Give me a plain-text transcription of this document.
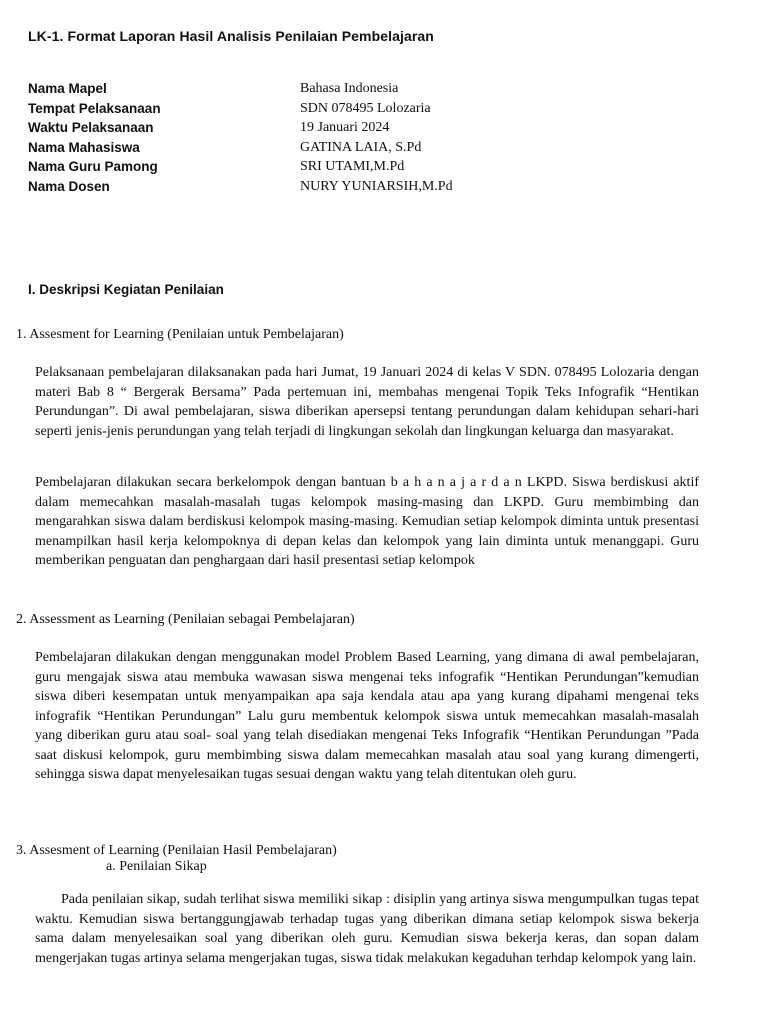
LK-1. Format Laporan Hasil Analisis Penilaian Pembelajaran
Nama Mapel	Bahasa Indonesia
Tempat Pelaksanaan	SDN 078495 Lolozaria
Waktu Pelaksanaan	19 Januari 2024
Nama Mahasiswa	GATINA LAIA, S.Pd
Nama Guru Pamong	SRI UTAMI,M.Pd
Nama Dosen	NURY YUNIARSIH,M.Pd
I. Deskripsi Kegiatan Penilaian
1. Assesment for Learning (Penilaian untuk Pembelajaran)

Pelaksanaan pembelajaran dilaksanakan pada hari Jumat, 19 Januari 2024 di kelas V SDN. 078495 Lolozaria dengan materi Bab 8 “ Bergerak Bersama” Pada pertemuan ini, membahas mengenai Topik Teks Infografik “Hentikan Perundungan”. Di awal pembelajaran, siswa diberikan apersepsi tentang perundungan dalam kehidupan sehari-hari seperti jenis-jenis perundungan yang telah terjadi di lingkungan sekolah dan lingkungan keluarga dan masyarakat.

Pembelajaran dilakukan secara berkelompok dengan bantuan b a h a n a j a r d a n LKPD. Siswa berdiskusi aktif dalam memecahkan masalah-masalah tugas kelompok masing-masing dan LKPD. Guru membimbing dan mengarahkan siswa dalam berdiskusi kelompok masing-masing. Kemudian setiap kelompok diminta untuk presentasi menampilkan hasil kerja kelompoknya di depan kelas dan kelompok yang lain diminta untuk menanggapi. Guru memberikan penguatan dan penghargaan dari hasil presentasi setiap kelompok

2. Assessment as Learning (Penilaian sebagai Pembelajaran)

Pembelajaran dilakukan dengan menggunakan model Problem Based Learning, yang dimana di awal pembelajaran, guru mengajak siswa atau membuka wawasan siswa mengenai teks infografik “Hentikan Perundungan”kemudian siswa diberi kesempatan untuk menyampaikan apa saja kendala atau apa yang kurang dipahami mengenai teks infografik “Hentikan Perundungan” Lalu guru membentuk kelompok siswa untuk memecahkan masalah-masalah yang diberikan guru atau soal- soal yang telah disediakan mengenai Teks Infografik “Hentikan Perundungan ”Pada saat diskusi kelompok, guru membimbing siswa dalam memecahkan masalah atau soal yang kurang dimengerti, sehingga siswa dapat menyelesaikan tugas sesuai dengan waktu yang telah ditentukan oleh guru.

3. Assesment of Learning (Penilaian Hasil Pembelajaran)
a. Penilaian Sikap

Pada penilaian sikap, sudah terlihat siswa memiliki sikap : disiplin yang artinya siswa mengumpulkan tugas tepat waktu. Kemudian siswa bertanggungjawab terhadap tugas yang diberikan dimana setiap kelompok siswa bekerja sama dalam menyelesaikan soal yang diberikan oleh guru. Kemudian siswa bekerja keras, dan sopan dalam mengerjakan tugas artinya selama mengerjakan tugas, siswa tidak melakukan kegaduhan terhdap kelompok yang lain.
